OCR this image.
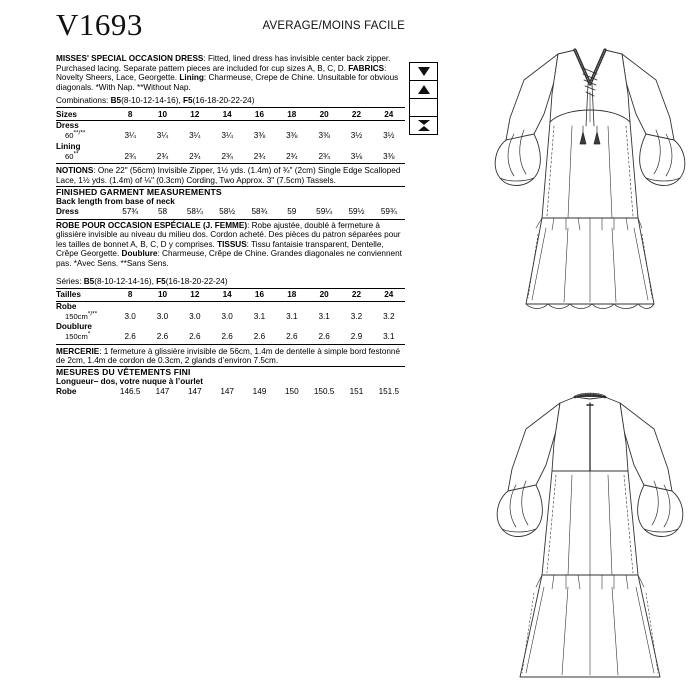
V1693	AVERAGE/MOINS FACILE

MISSES' SPECIAL OCCASION DRESS: Fitted, lined dress has invisible center back zipper. Purchased lacing. Separate pattern pieces are included for cup sizes A, B, C, D. FABRICS: Novelty Sheers, Lace, Georgette. Lining: Charmeuse, Crepe de Chine. Unsuitable for obvious diagonals. *With Nap. **Without Nap.

Combinations: B5(8-10-12-14-16), F5(16-18-20-22-24)
Sizes	8	10	12	14	16	18	20	22	24
Dress									
60**/**	3¼	3¼	3¼	3¼	3⅜	3⅜	3⅜	3½	3½
Lining									
60**	2¾	2¾	2¾	2¾	2¾	2¾	2¾	3⅛	3⅜

NOTIONS: One 22" (56cm) Invisible Zipper, 1½ yds. (1.4m) of ¾" (2cm) Single Edge Scalloped Lace, 1½ yds. (1.4m) of ⅛" (0.3cm) Cording, Two Approx. 3" (7.5cm) Tassels.

FINISHED GARMENT MEASUREMENTS
Back length from base of neck
Dress	57¾	58	58¼	58½	58¾	59	59¼	59½	59¾

ROBE POUR OCCASION ESPÉCIALE (J. FEMME): Robe ajustée, doublé à fermeture à glissière invisible au niveau du milieu dos. Cordon acheté. Des pièces du patron séparées pour les tailles de bonnet A, B, C, D y comprises. TISSUS: Tissu fantaisie transparent, Dentelle, Crêpe Georgette. Doublure: Charmeuse, Crêpe de Chine. Grandes diagonales ne conviennent pas. *Avec Sens. **Sans Sens.

Séries: B5(8-10-12-14-16), F5(16-18-20-22-24)
Tailles	8	10	12	14	16	18	20	22	24
Robe									
150cm*/**	3.0	3.0	3.0	3.0	3.1	3.1	3.1	3.2	3.2
Doublure									
150cm*	2.6	2.6	2.6	2.6	2.6	2.6	2.6	2.9	3.1

MERCERIE: 1 fermeture à glissière invisible de 56cm, 1.4m de dentelle à simple bord festonné de 2cm, 1.4m de cordon de 0.3cm, 2 glands d’environ 7.5cm.

MESURES DU VÊTEMENTS FINI
Longueur– dos, votre nuque à l’ourlet
Robe	146.5	147	147	147	149	150	150.5	151	151.5
